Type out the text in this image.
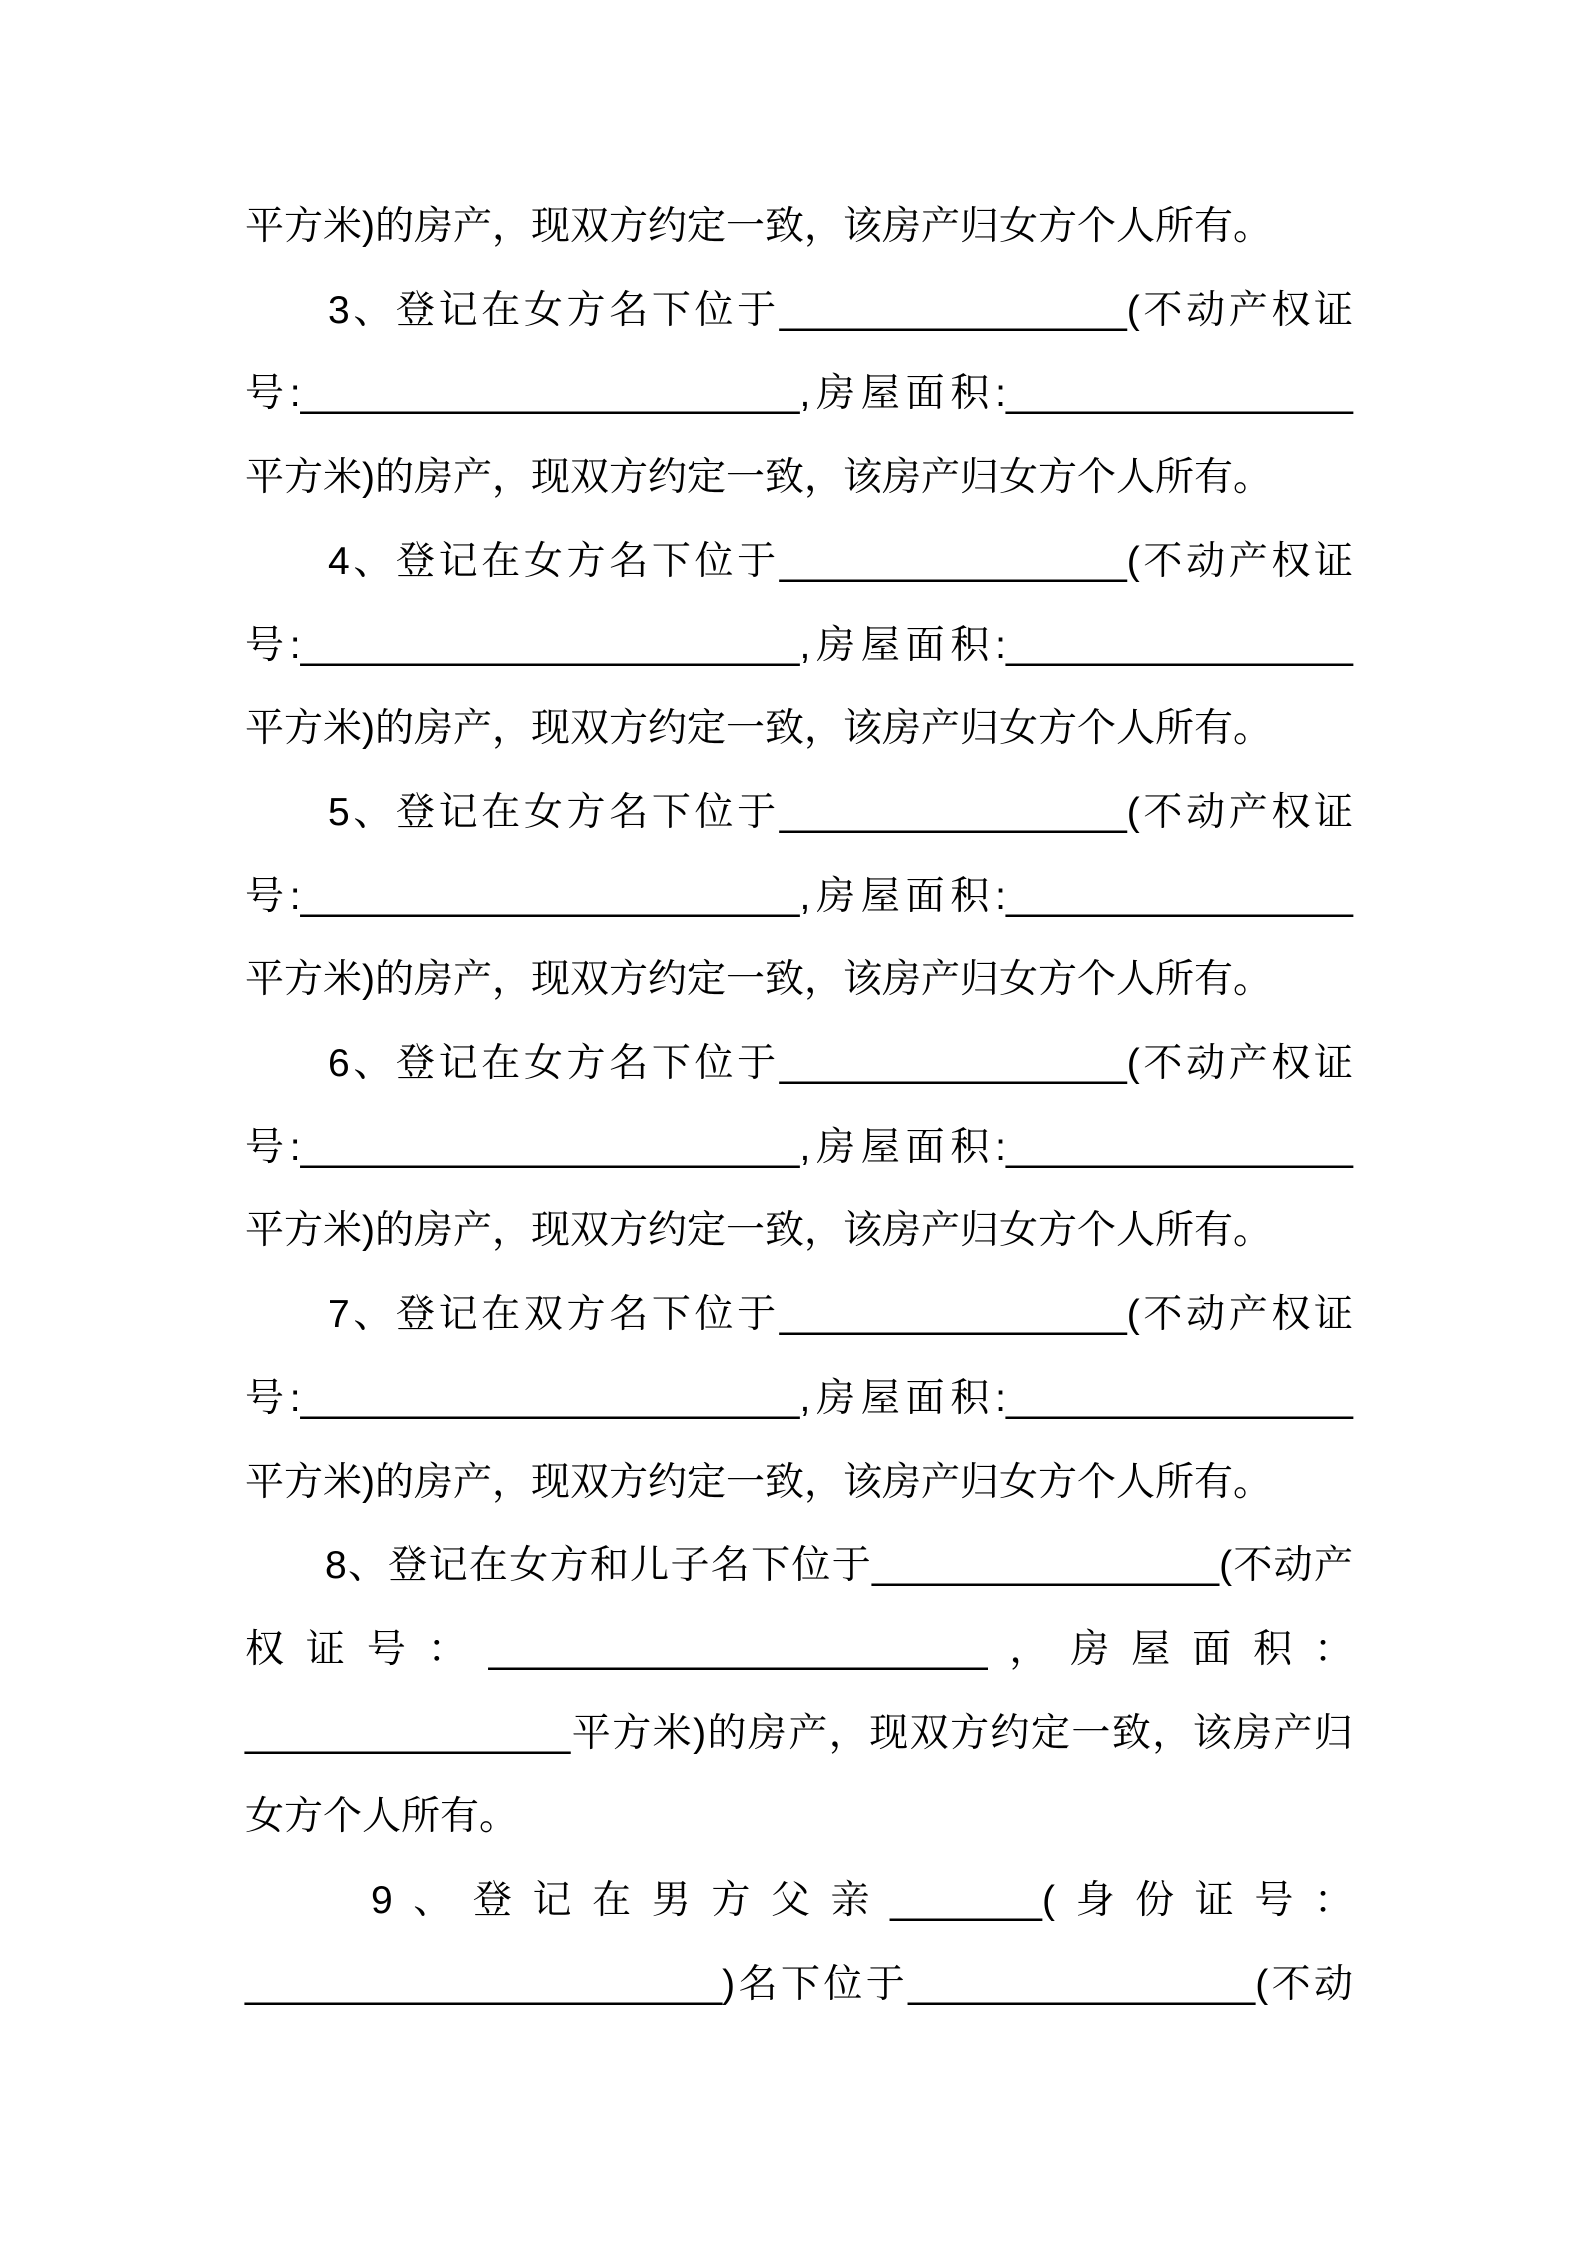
平方米)的房产，现双方约定一致，该房产归女方个人所有。
3、登记在女方名下位于________________(不动产权证
号:_______________________,房屋面积:________________
平方米)的房产，现双方约定一致，该房产归女方个人所有。
4、登记在女方名下位于________________(不动产权证
号:_______________________,房屋面积:________________
平方米)的房产，现双方约定一致，该房产归女方个人所有。
5、登记在女方名下位于________________(不动产权证
号:_______________________,房屋面积:________________
平方米)的房产，现双方约定一致，该房产归女方个人所有。
6、登记在女方名下位于________________(不动产权证
号:_______________________,房屋面积:________________
平方米)的房产，现双方约定一致，该房产归女方个人所有。
7、登记在双方名下位于________________(不动产权证
号:_______________________,房屋面积:________________
平方米)的房产，现双方约定一致，该房产归女方个人所有。
8、登记在女方和儿子名下位于________________(不动产
权证号：_______________________，房屋面积：
_______________平方米)的房产，现双方约定一致，该房产归
女方个人所有。
9、登记在男方父亲_______(身份证号：
______________________)名下位于________________(不动
